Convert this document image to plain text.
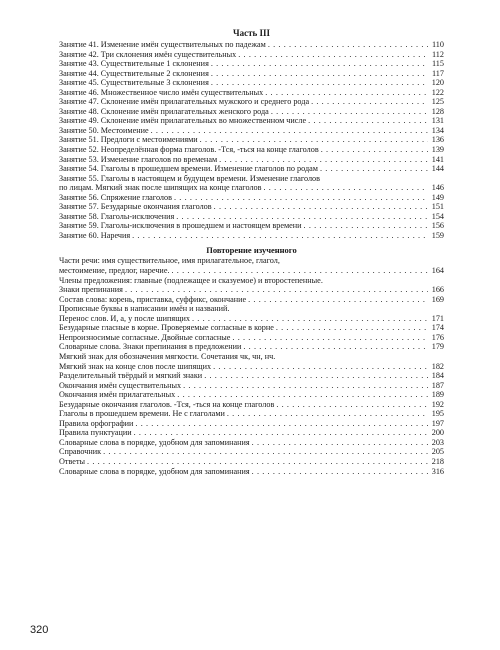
Часть III
Занятие 41. Изменение имён существительных по падежам . . .	110
Занятие 42. Три склонения имён существительных . . .	112
Занятие 43. Существительные 1 склонения . . .	115
Занятие 44. Существительные 2 склонения . . .	117
Занятие 45. Существительные 3 склонения . . .	120
Занятие 46. Множественное число имён существительных . . .	122
Занятие 47. Склонение имён прилагательных мужского и среднего рода . . .	125
Занятие 48. Склонение имён прилагательных женского рода . . .	128
Занятие 49. Склонение имён прилагательных во множественном числе . . .	131
Занятие 50. Местоимение . . .	134
Занятие 51. Предлоги с местоимениями . . .	136
Занятие 52. Неопределённая форма глаголов. -Тся, -ться на конце глаголов . . .	139
Занятие 53. Изменение глаголов по временам . . .	141
Занятие 54. Глаголы в прошедшем времени. Изменение глаголов по родам . . .	144
Занятие 55. Глаголы в настоящем и будущем времени. Изменение глаголов
по лицам. Мягкий знак после шипящих на конце глаголов . . .	146
Занятие 56. Спряжение глаголов . . .	149
Занятие 57. Безударные окончания глаголов . . .	151
Занятие 58. Глаголы-исключения . . .	154
Занятие 59. Глаголы-исключения в прошедшем и настоящем времени . . .	156
Занятие 60. Наречия . . .	159
Повторение изученного
Части речи: имя существительное, имя прилагательное, глагол,
местоимение, предлог, наречие. . . .	164
Члены предложения: главные (подлежащее и сказуемое) и второстепенные.
Знаки препинания . . .	166
Состав слова: корень, приставка, суффикс, окончание . . .	169
Прописные буквы в написании имён и названий.
Перенос слов. И, а, у после шипящих . . .	171
Безударные гласные в корне. Проверяемые согласные в корне . . .	174
Непроизносимые согласные. Двойные согласные . . .	176
Словарные слова. Знаки препинания в предложении . . .	179
Мягкий знак для обозначения мягкости. Сочетания чк, чн, нч.
Мягкий знак на конце слов после шипящих . . .	182
Разделительный твёрдый и мягкий знаки . . .	184
Окончания имён существительных . . .	187
Окончания имён прилагательных . . .	189
Безударные окончания глаголов. -Тся, -ться на конце глаголов . . .	192
Глаголы в прошедшем времени. Не с глаголами . . .	195
Правила орфографии . . .	197
Правила пунктуации . . .	200
Словарные слова в порядке, удобном для запоминания . . .	203
Справочник . . .	205
Ответы . . .	218
Словарные слова в порядке, удобном для запоминания . . .	316
320
